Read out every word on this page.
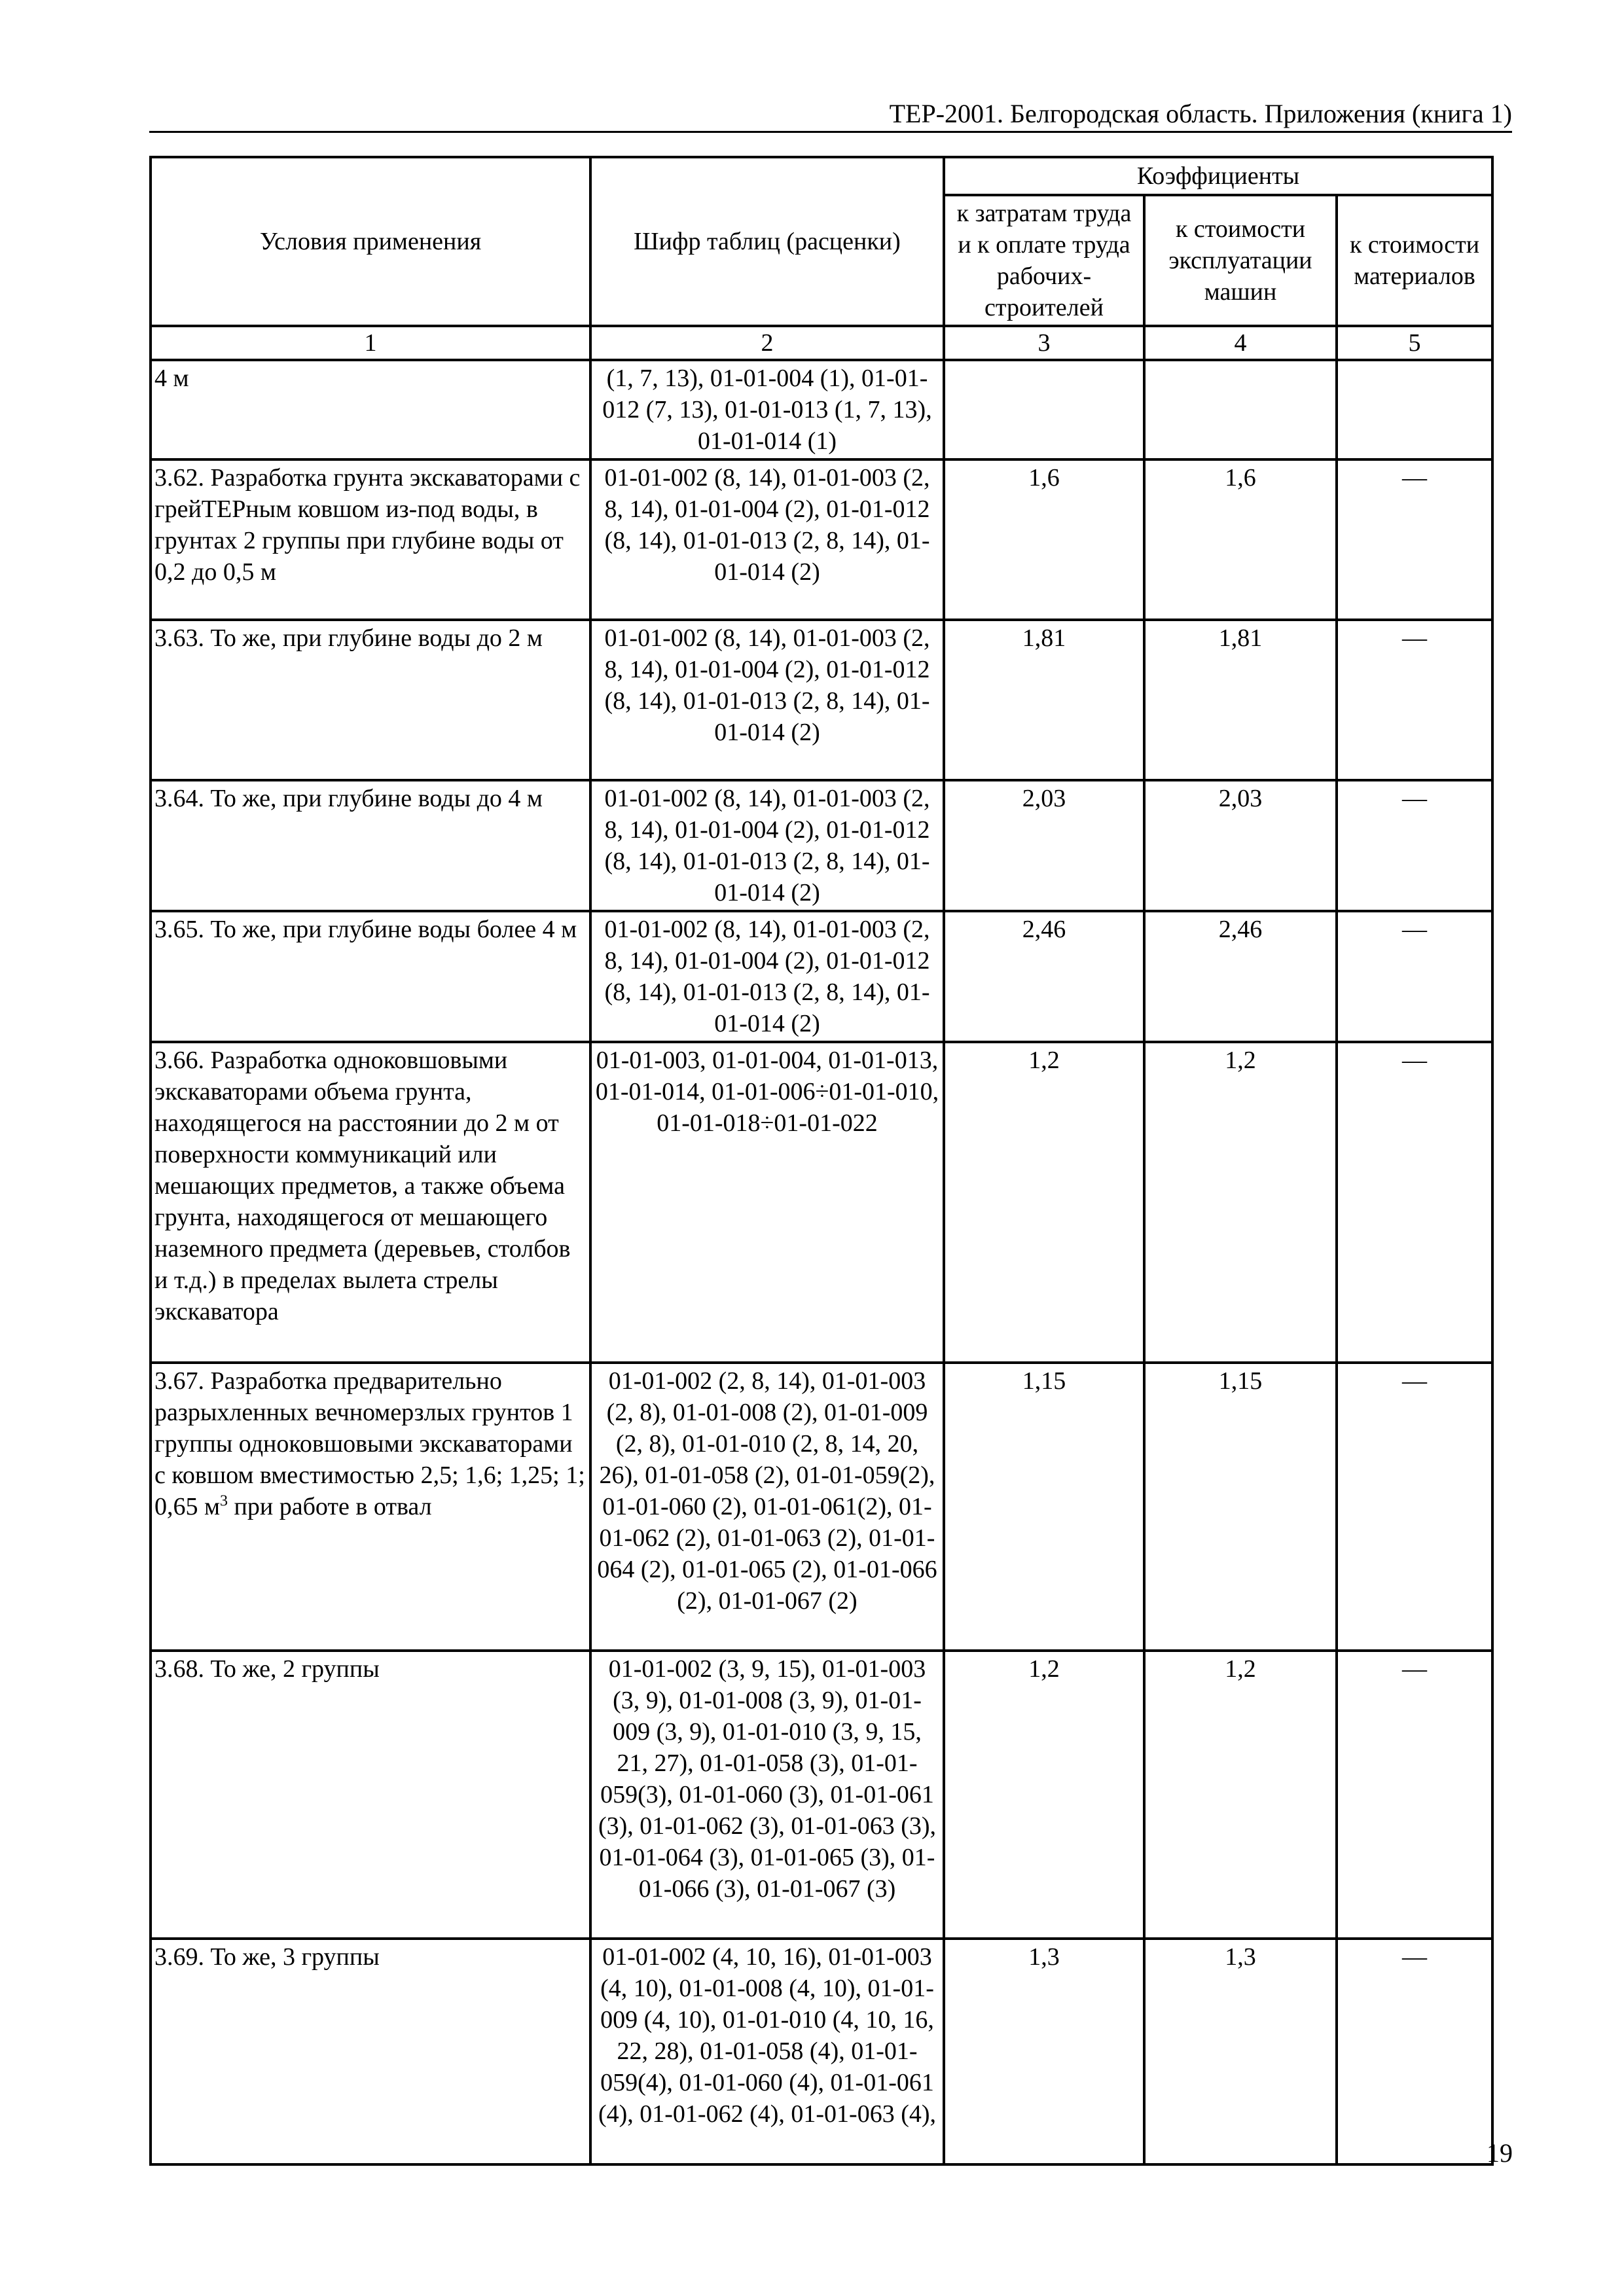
ТЕР-2001. Белгородская область. Приложения (книга 1)
Условия применения	Шифр таблиц (расценки)	Коэффициенты		
		к затратам труда и к оплате труда рабочих-строителей	к стоимости эксплуатации машин	к стоимости материалов
1	2	3	4	5
4 м	(1, 7, 13), 01-01-004 (1), 01-01-012 (7, 13), 01-01-013 (1, 7, 13), 01-01-014 (1)			
3.62. Разработка грунта экскаваторами с грейТЕРным ковшом из-под воды, в грунтах 2 группы при глубине воды от 0,2 до 0,5 м	01-01-002 (8, 14), 01-01-003 (2, 8, 14), 01-01-004 (2), 01-01-012 (8, 14), 01-01-013 (2, 8, 14), 01-01-014 (2)	1,6	1,6	—
3.63. То же, при глубине воды до 2 м	01-01-002 (8, 14), 01-01-003 (2, 8, 14), 01-01-004 (2), 01-01-012 (8, 14), 01-01-013 (2, 8, 14), 01-01-014 (2)	1,81	1,81	—
3.64. То же, при глубине воды до 4 м	01-01-002 (8, 14), 01-01-003 (2, 8, 14), 01-01-004 (2), 01-01-012 (8, 14), 01-01-013 (2, 8, 14), 01-01-014 (2)	2,03	2,03	—
3.65. То же, при глубине воды более 4 м	01-01-002 (8, 14), 01-01-003 (2, 8, 14), 01-01-004 (2), 01-01-012 (8, 14), 01-01-013 (2, 8, 14), 01-01-014 (2)	2,46	2,46	—
3.66. Разработка одноковшовыми экскаваторами объема грунта, находящегося на расстоянии до 2 м от поверхности коммуникаций или мешающих предметов, а также объема грунта, находящегося от мешающего наземного предмета (деревьев, столбов и т.д.) в пределах вылета стрелы экскаватора	01-01-003, 01-01-004, 01-01-013, 01-01-014, 01-01-006÷01-01-010, 01-01-018÷01-01-022	1,2	1,2	—
3.67. Разработка предварительно разрыхленных вечномерзлых грунтов 1 группы одноковшовыми экскаваторами с ковшом вместимостью 2,5; 1,6; 1,25; 1; 0,65 $м^3$ при работе в отвал	01-01-002 (2, 8, 14), 01-01-003 (2, 8), 01-01-008 (2), 01-01-009 (2, 8), 01-01-010 (2, 8, 14, 20, 26), 01-01-058 (2), 01-01-059(2), 01-01-060 (2), 01-01-061(2), 01-01-062 (2), 01-01-063 (2), 01-01-064 (2), 01-01-065 (2), 01-01-066 (2), 01-01-067 (2)	1,15	1,15	—
3.68. То же, 2 группы	01-01-002 (3, 9, 15), 01-01-003 (3, 9), 01-01-008 (3, 9), 01-01-009 (3, 9), 01-01-010 (3, 9, 15, 21, 27), 01-01-058 (3), 01-01-059(3), 01-01-060 (3), 01-01-061 (3), 01-01-062 (3), 01-01-063 (3), 01-01-064 (3), 01-01-065 (3), 01-01-066 (3), 01-01-067 (3)	1,2	1,2	—
3.69. То же, 3 группы	01-01-002 (4, 10, 16), 01-01-003 (4, 10), 01-01-008 (4, 10), 01-01-009 (4, 10), 01-01-010 (4, 10, 16, 22, 28), 01-01-058 (4), 01-01-059(4), 01-01-060 (4), 01-01-061 (4), 01-01-062 (4), 01-01-063 (4),	1,3	1,3	—
19
